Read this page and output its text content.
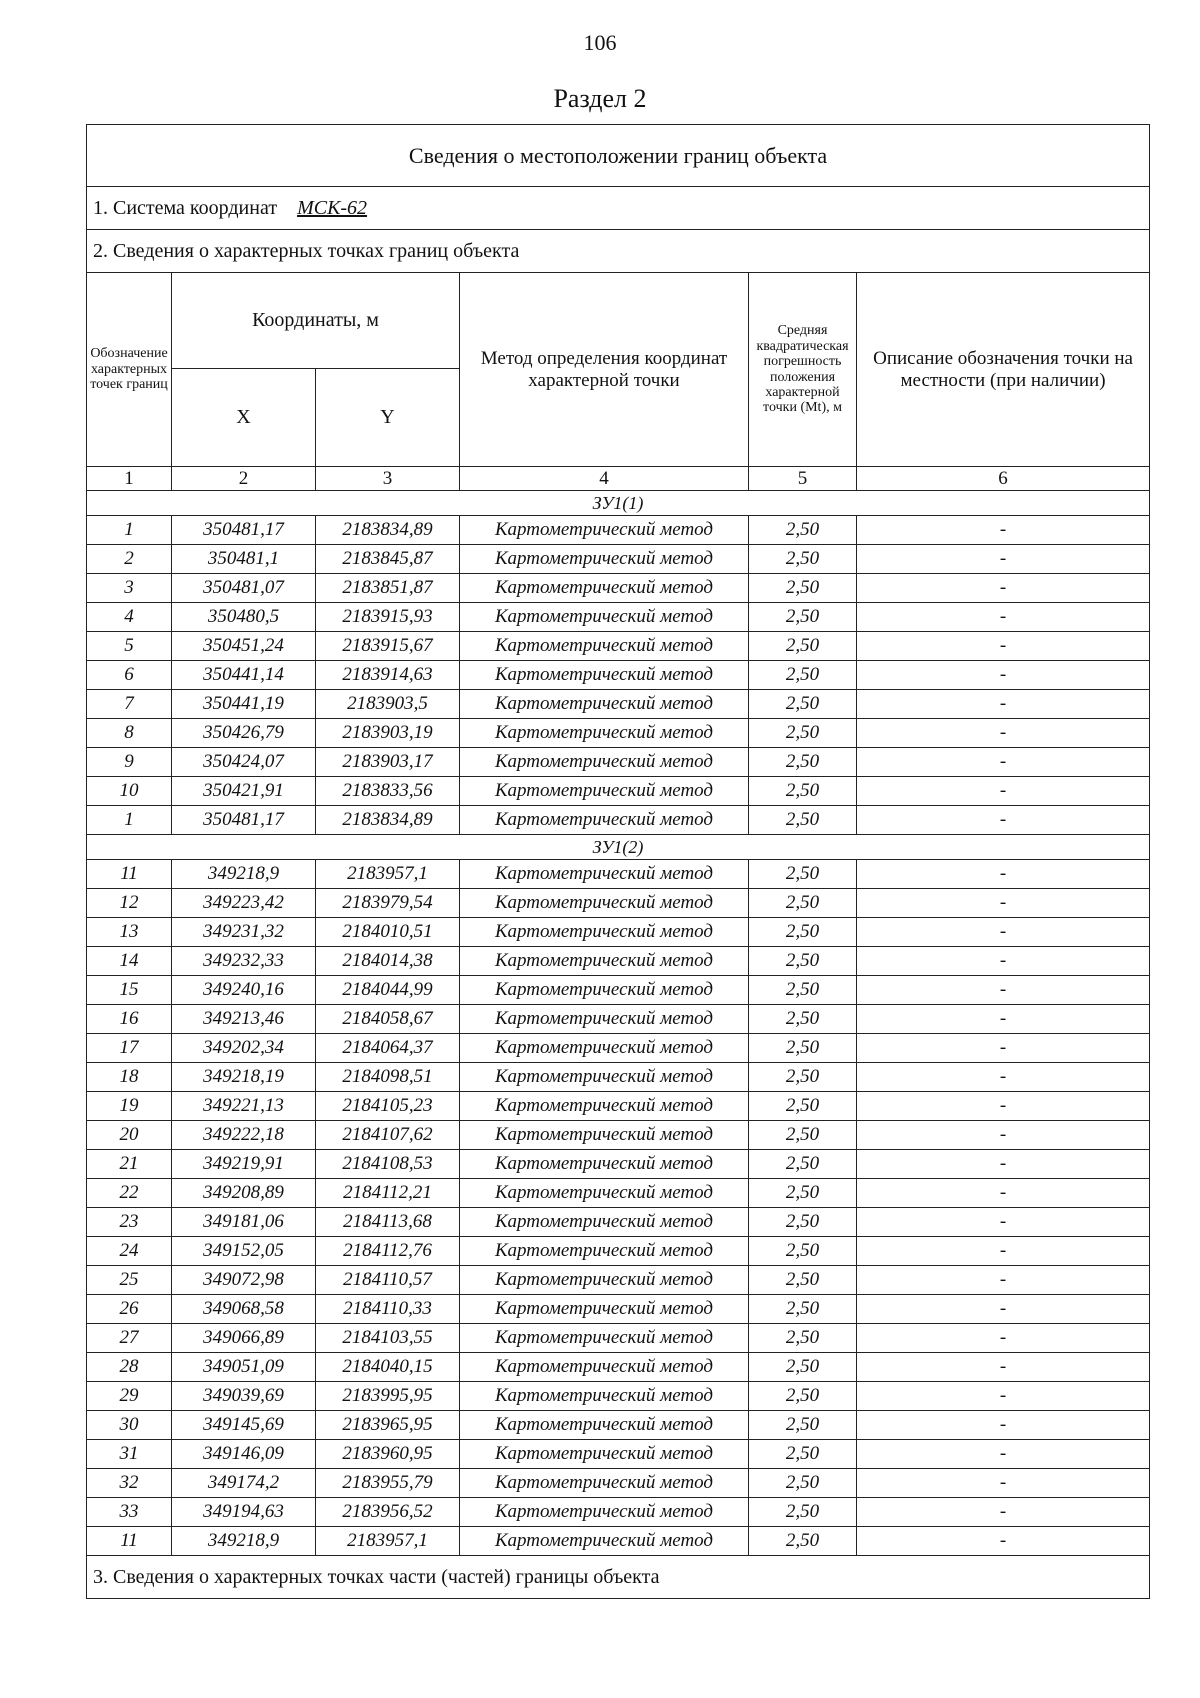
106
Раздел 2
Сведения о местоположении границ объекта					
1. Система координат МСК-62					
2. Сведения о характерных точках границ объекта					
Обозначение характерных точек границ	Координаты, м		Метод определения координат характерной точки	Средняя квадратическая погрешность положения характерной точки (Mt), м	Описание обозначения точки на местности (при наличии)
	X	Y			
1	2	3	4	5	6
ЗУ1(1)					
1	350481,17	2183834,89	Картометрический метод	2,50	-
2	350481,1	2183845,87	Картометрический метод	2,50	-
3	350481,07	2183851,87	Картометрический метод	2,50	-
4	350480,5	2183915,93	Картометрический метод	2,50	-
5	350451,24	2183915,67	Картометрический метод	2,50	-
6	350441,14	2183914,63	Картометрический метод	2,50	-
7	350441,19	2183903,5	Картометрический метод	2,50	-
8	350426,79	2183903,19	Картометрический метод	2,50	-
9	350424,07	2183903,17	Картометрический метод	2,50	-
10	350421,91	2183833,56	Картометрический метод	2,50	-
1	350481,17	2183834,89	Картометрический метод	2,50	-
ЗУ1(2)					
11	349218,9	2183957,1	Картометрический метод	2,50	-
12	349223,42	2183979,54	Картометрический метод	2,50	-
13	349231,32	2184010,51	Картометрический метод	2,50	-
14	349232,33	2184014,38	Картометрический метод	2,50	-
15	349240,16	2184044,99	Картометрический метод	2,50	-
16	349213,46	2184058,67	Картометрический метод	2,50	-
17	349202,34	2184064,37	Картометрический метод	2,50	-
18	349218,19	2184098,51	Картометрический метод	2,50	-
19	349221,13	2184105,23	Картометрический метод	2,50	-
20	349222,18	2184107,62	Картометрический метод	2,50	-
21	349219,91	2184108,53	Картометрический метод	2,50	-
22	349208,89	2184112,21	Картометрический метод	2,50	-
23	349181,06	2184113,68	Картометрический метод	2,50	-
24	349152,05	2184112,76	Картометрический метод	2,50	-
25	349072,98	2184110,57	Картометрический метод	2,50	-
26	349068,58	2184110,33	Картометрический метод	2,50	-
27	349066,89	2184103,55	Картометрический метод	2,50	-
28	349051,09	2184040,15	Картометрический метод	2,50	-
29	349039,69	2183995,95	Картометрический метод	2,50	-
30	349145,69	2183965,95	Картометрический метод	2,50	-
31	349146,09	2183960,95	Картометрический метод	2,50	-
32	349174,2	2183955,79	Картометрический метод	2,50	-
33	349194,63	2183956,52	Картометрический метод	2,50	-
11	349218,9	2183957,1	Картометрический метод	2,50	-
3. Сведения о характерных точках части (частей) границы объекта					
